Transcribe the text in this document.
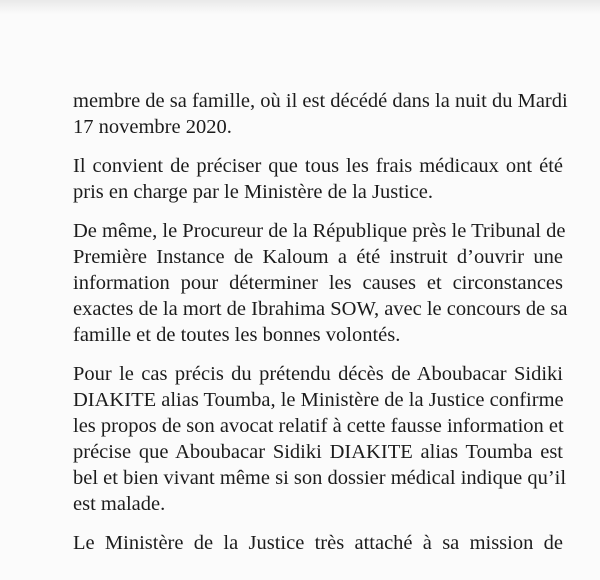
membre de sa famille, où il est décédé dans la nuit du Mardi
17 novembre 2020.

Il convient de préciser que tous les frais médicaux ont été
pris en charge par le Ministère de la Justice.

De même, le Procureur de la République près le Tribunal de
Première Instance de Kaloum a été instruit d’ouvrir une
information pour déterminer les causes et circonstances
exactes de la mort de Ibrahima SOW, avec le concours de sa
famille et de toutes les bonnes volontés.

Pour le cas précis du prétendu décès de Aboubacar Sidiki
DIAKITE alias Toumba, le Ministère de la Justice confirme
les propos de son avocat relatif à cette fausse information et
précise que Aboubacar Sidiki DIAKITE alias Toumba est
bel et bien vivant même si son dossier médical indique qu’il
est malade.

Le Ministère de la Justice très attaché à sa mission de
